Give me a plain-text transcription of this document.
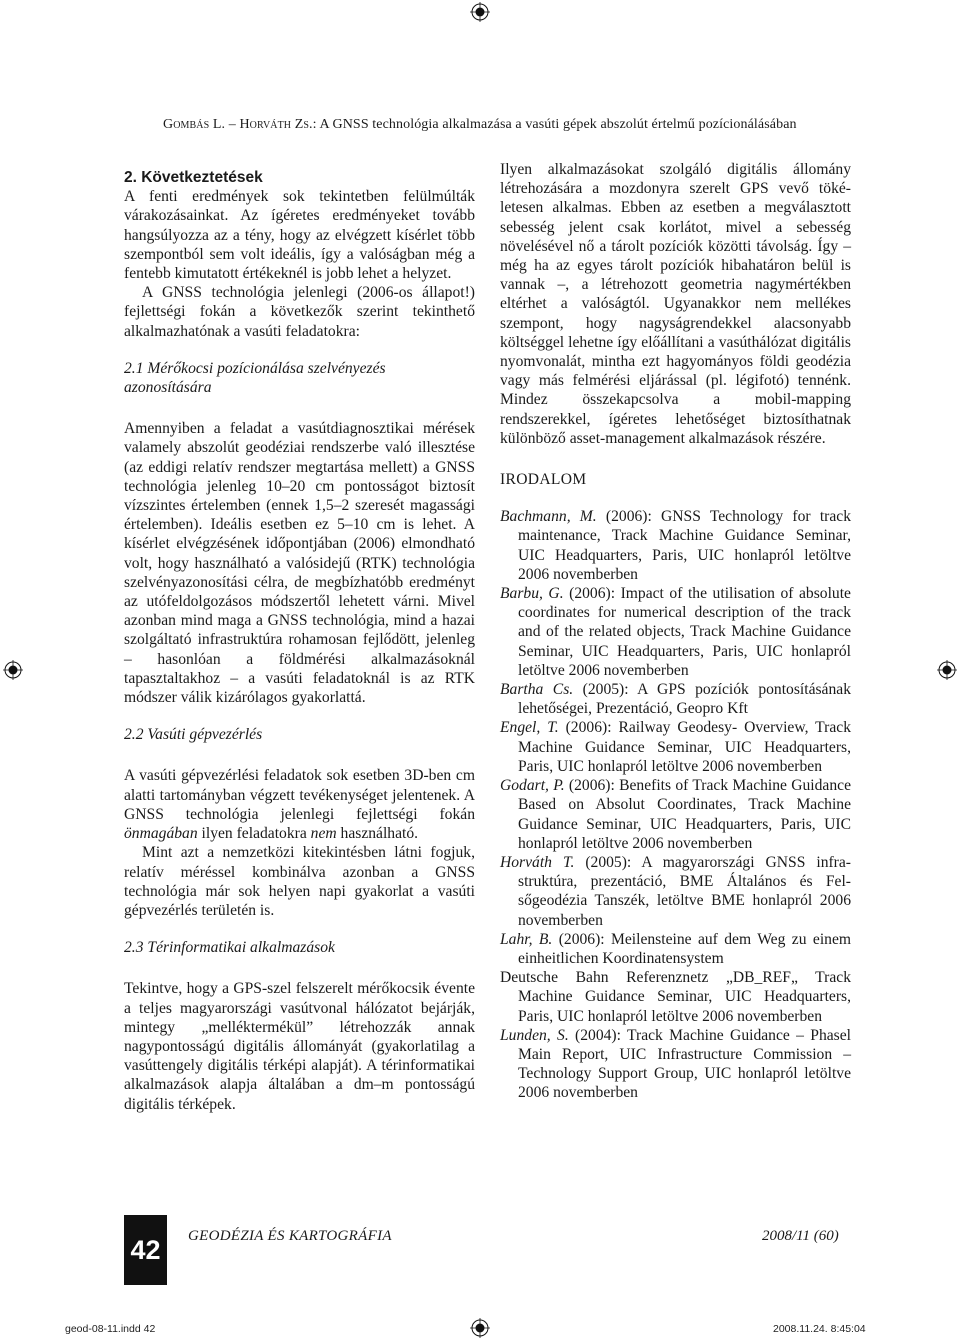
Gombás L. – Horváth Zs.: A GNSS technológia alkalmazása a vasúti gépek abszolút értelmű pozícionálásában

2. Következtetések

A fenti eredmények sok tekintetben felülmúlták várakozásainkat. Az ígéretes eredményeket tovább hangsúlyozza az a tény, hogy az elvégzett kísérlet több szempontból sem volt ideális, így a valóságban még a fentebb kimutatott értékeknél is jobb lehet a helyzet.

A GNSS technológia jelenlegi (2006-os állapot!) fejlettségi fokán a következők szerint tekinthető alkalmazhatónak a vasúti feladatokra:

2.1 Mérőkocsi pozícionálása szelvényezés azonosítására

Amennyiben a feladat a vasútdiagnosztikai mérések valamely abszolút geodéziai rendszerbe való illesztése (az eddigi relatív rendszer megtartása mellett) a GNSS technológia jelenleg 10–20 cm pontosságot biztosít vízszintes értelemben (ennek 1,5–2 szeresét magassági értelemben). Ideális esetben ez 5–10 cm is lehet. A kísérlet elvégzésének időpontjában (2006) elmondható volt, hogy használható a valósidejű (RTK) technológia szelvényazonosítási célra, de megbízhatóbb eredményt az utófeldolgozásos módszertől lehetett várni. Mivel azonban mind maga a GNSS technológia, mind a hazai szolgáltató infrastruktúra rohamosan fejlődött, jelenleg – hasonlóan a földmérési alkalmazásoknál tapasztaltakhoz – a vasúti feladatoknál is az RTK módszer válik kizárólagos gyakorlattá.

2.2 Vasúti gépvezérlés

A vasúti gépvezérlési feladatok sok esetben 3D-ben cm alatti tartományban végzett tevékenységet jelentenek. A GNSS technológia jelenlegi fejlettségi fokán önmagában ilyen feladatokra nem használható.

Mint azt a nemzetközi kitekintésben látni fogjuk, relatív méréssel kombinálva azonban a GNSS technológia már sok helyen napi gyakorlat a vasúti gépvezérlés területén is.

2.3 Térinformatikai alkalmazások

Tekintve, hogy a GPS-szel felszerelt mérőkocsik évente a teljes magyarországi vasútvonal hálózatot bejárják, mintegy „melléktermékül” létrehozzák annak nagypontosságú digitális állományát (gyakorlatilag a vasúttengely digitális térképi alapját). A térinformatikai alkalmazások alapja általában a dm–m pontosságú digitális térképek.

Ilyen alkalmazásokat szolgáló digitális állomány létrehozására a mozdonyra szerelt GPS vevő tökéletesen alkalmas. Ebben az esetben a megválasztott sebesség jelent csak korlátot, mivel a sebesség növelésével nő a tárolt pozíciók közötti távolság. Így – még ha az egyes tárolt pozíciók hibahatáron belül is vannak –, a létrehozott geometria nagymértékben eltérhet a valóságtól. Ugyanakkor nem mellékes szempont, hogy nagyságrendekkel alacsonyabb költséggel lehetne így előállítani a vasúthálózat digitális nyomvonalát, mintha ezt hagyományos földi geodézia vagy más felmérési eljárással (pl. légifotó) tennénk. Mindez összekapcsolva a mobil-mapping rendszerekkel, ígéretes lehetőséget biztosíthatnak különböző asset-management alkalmazások részére.

IRODALOM

Bachmann, M. (2006): GNSS Technology for track maintenance, Track Machine Guidance Seminar, UIC Headquarters, Paris, UIC honlapról letöltve 2006 novemberben

Barbu, G. (2006): Impact of the utilisation of absolute coordinates for numerical description of the track and of the related objects, Track Machine Guidance Seminar, UIC Headquarters, Paris, UIC honlapról letöltve 2006 novemberben

Bartha Cs. (2005): A GPS pozíciók pontosításának lehetőségei, Prezentáció, Geopro Kft

Engel, T. (2006): Railway Geodesy- Overview, Track Machine Guidance Seminar, UIC Headquarters, Paris, UIC honlapról letöltve 2006 novemberben

Godart, P. (2006): Benefits of Track Machine Guidance Based on Absolut Coordinates, Track Machine Guidance Seminar, UIC Headquarters, Paris, UIC honlapról letöltve 2006 novemberben

Horváth T. (2005): A magyarországi GNSS infrastruktúra, prezentáció, BME Általános és Felsőgeodézia Tanszék, letöltve BME honlapról 2006 novemberben

Lahr, B. (2006): Meilensteine auf dem Weg zu einem einheitlichen Koordinatensystem

Deutsche Bahn Referenznetz „DB_REF„ Track Machine Guidance Seminar, UIC Headquarters, Paris, UIC honlapról letöltve 2006 novemberben

Lunden, S. (2004): Track Machine Guidance – Phasel Main Report, UIC Infrastructure Commission –Technology Support Group, UIC honlapról letöltve 2006 novemberben

42	GEODÉZIA ÉS KARTOGRÁFIA	2008/11 (60)
geod-08-11.indd 42	2008.11.24. 8:45:04
